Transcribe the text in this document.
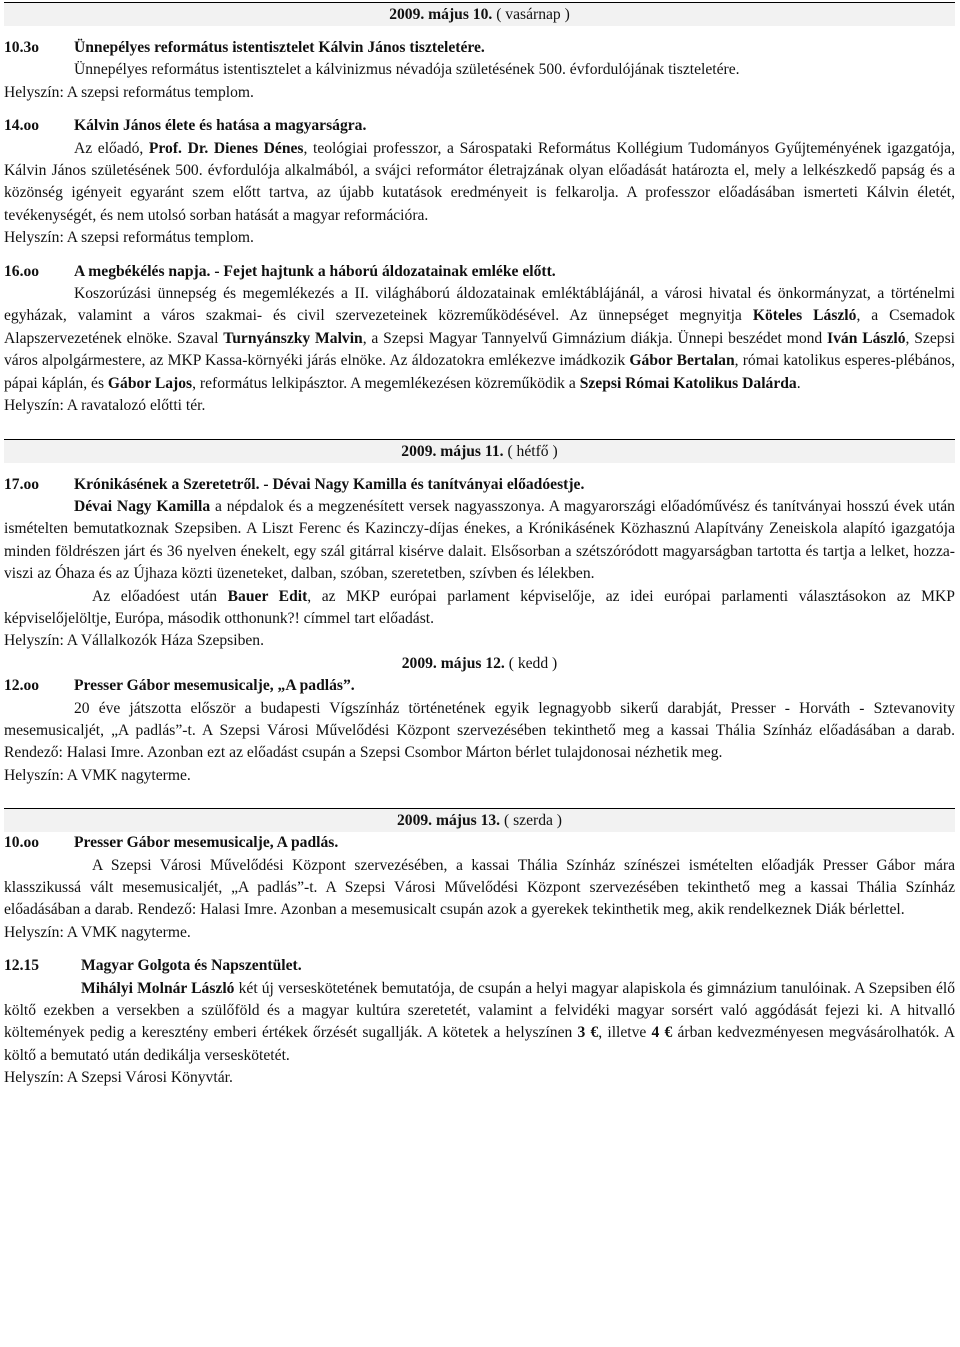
2009. május 10. ( vasárnap )
10.3o Ünnepélyes református istentisztelet Kálvin János tiszteletére.
Ünnepélyes református istentisztelet a kálvinizmus névadója születésének 500. évfordulójának tiszteletére.
Helyszín: A szepsi református templom.
14.oo Kálvin János élete és hatása a magyarságra.

Az előadó, Prof. Dr. Dienes Dénes, teológiai professzor, a Sárospataki Református Kollégium Tudományos Gyűjteményének igazgatója, Kálvin János születésének 500. évfordulója alkalmából, a svájci reformátor életrajzának olyan előadását határozta el, mely a lelkészkedő papság és a közönség igényeit egyaránt szem előtt tartva, az újabb kutatások eredményeit is felkarolja. A professzor előadásában ismerteti Kálvin életét, tevékenységét, és nem utolsó sorban hatását a magyar reformációra.

Helyszín: A szepsi református templom.
16.oo A megbékélés napja. - Fejet hajtunk a háború áldozatainak emléke előtt.

Koszorúzási ünnepség és megemlékezés a II. világháború áldozatainak emléktáblájánál, a városi hivatal és önkormányzat, a történelmi egyházak, valamint a város szakmai- és civil szervezeteinek közreműködésével. Az ünnepséget megnyitja Köteles László, a Csemadok Alapszervezetének elnöke. Szaval Turnyánszky Malvin, a Szepsi Magyar Tannyelvű Gimnázium diákja. Ünnepi beszédet mond Iván László, Szepsi város alpolgármestere, az MKP Kassa-környéki járás elnöke. Az áldozatokra emlékezve imádkozik Gábor Bertalan, római katolikus esperes-plébános, pápai káplán, és Gábor Lajos, református lelkipásztor. A megemlékezésen közreműködik a Szepsi Római Katolikus Dalárda.

Helyszín: A ravatalozó előtti tér.
2009. május 11. ( hétfő )
17.oo Krónikásének a Szeretetről. - Dévai Nagy Kamilla és tanítványai előadóestje.

Dévai Nagy Kamilla a népdalok és a megzenésített versek nagyasszonya. A magyarországi előadóművész és tanítványai hosszú évek után ismételten bemutatkoznak Szepsiben. A Liszt Ferenc és Kazinczy-díjas énekes, a Krónikásének Közhasznú Alapítvány Zeneiskola alapító igazgatója minden földrészen járt és 36 nyelven énekelt, egy szál gitárral kisérve dalait. Elsősorban a szétszóródott magyarságban tartotta és tartja a lelket, hozza-viszi az Óhaza és az Újhaza közti üzeneteket, dalban, szóban, szeretetben, szívben és lélekben.

Az előadóest után Bauer Edit, az MKP európai parlament képviselője, az idei európai parlamenti választásokon az MKP képviselőjelöltje, Európa, második otthonunk?! címmel tart előadást.

Helyszín: A Vállalkozók Háza Szepsiben.
2009. május 12. ( kedd )
12.oo Presser Gábor mesemusicalje, „A padlás”.

20 éve játszotta először a budapesti Vígszínház történetének egyik legnagyobb sikerű darabját, Presser - Horváth - Sztevanovity mesemusicaljét, „A padlás”-t. A Szepsi Városi Művelődési Központ szervezésében tekinthető meg a kassai Thália Színház előadásában a darab. Rendező: Halasi Imre. Azonban ezt az előadást csupán a Szepsi Csombor Márton bérlet tulajdonosai nézhetik meg.

Helyszín: A VMK nagyterme.
2009. május 13. ( szerda )
10.oo Presser Gábor mesemusicalje, A padlás.

A Szepsi Városi Művelődési Központ szervezésében, a kassai Thália Színház színészei ismételten előadják Presser Gábor mára klasszikussá vált mesemusicaljét, „A padlás”-t. A Szepsi Városi Művelődési Központ szervezésében tekinthető meg a kassai Thália Színház előadásában a darab. Rendező: Halasi Imre. Azonban a mesemusicalt csupán azok a gyerekek tekinthetik meg, akik rendelkeznek Diák bérlettel.

Helyszín: A VMK nagyterme.
12.15	Magyar Golgota és Napszentület.

Mihályi Molnár László két új verseskötetének bemutatója, de csupán a helyi magyar alapiskola és gimnázium tanulóinak. A Szepsiben élő költő ezekben a versekben a szülőföld és a magyar kultúra szeretetét, valamint a felvidéki magyar sorsért való aggódását fejezi ki. A hitvalló költemények pedig a keresztény emberi értékek őrzését sugallják. A kötetek a helyszínen 3 €, illetve 4 € árban kedvezményesen megvásárolhatók. A költő a bemutató után dedikálja verseskötetét.

Helyszín: A Szepsi Városi Könyvtár.
